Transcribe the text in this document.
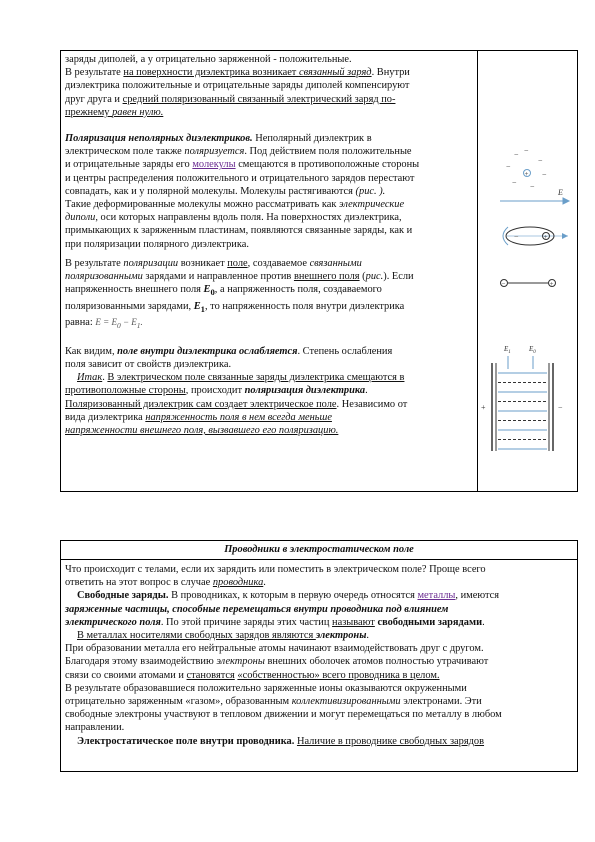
заряды диполей, а у отрицательно заряженной - положительные.

В результате на поверхности диэлектрика возникает связанный заряд. Внутри

диэлектрика положительные и отрицательные заряды диполей компенсируют

друг друга и средний поляризованный связанный электрический заряд по-

прежнему равен нулю.

Поляризация неполярных диэлектриков. Неполярный диэлектрик в

электрическом поле также поляризуется. Под действием поля положительные

и отрицательные заряды его молекулы смещаются в противоположные стороны

и центры распределения положительного и отрицательного зарядов перестают

совпадать, как и у полярной молекулы. Молекулы растягиваются (рис. ).

Такие деформированные молекулы можно рассматривать как электрические

диполи, оси которых направлены вдоль поля. На поверхностях диэлектрика,

примыкающих к заряженным пластинам, появляются связанные заряды, как и

при поляризации полярного диэлектрика.

В результате поляризации возникает поле, создаваемое связанными

поляризованными зарядами и направленное против внешнего поля (рис.). Если

напряженность внешнего поля $E_0$, а напряженность поля, создаваемого

поляризованными зарядами, $E_1$, то напряженность поля внутри диэлектрика

равна: $E = E_0 - E_1$.

Как видим, поле внутри диэлектрика ослабляется. Степень ослабления

поля зависит от свойств диэлектрика.

Итак. В электрическом поле связанные заряды диэлектрика смещаются в

противоположные стороны, происходит поляризация диэлектрика.

Поляризованный диэлектрик сам создает электрическое поле. Независимо от

вида диэлектрика напряженность поля в нем всегда меньше

напряженности внешнего поля, вызвавшего его поляризацию.

− −
−
−
+ −
− −
E
−	+
−	+
$E_1$	$E_0$
+	−
Проводники в электростатическом поле

Что происходит с телами, если их зарядить или поместить в электрическом поле? Проще всего

ответить на этот вопрос в случае проводника.

Свободные заряды. В проводниках, к которым в первую очередь относятся металлы, имеются

заряженные частицы, способные перемещаться внутри проводника под влиянием

электрического поля. По этой причине заряды этих частиц называют свободными зарядами.

В металлах носителями свободных зарядов являются электроны.

При образовании металла его нейтральные атомы начинают взаимодействовать друг с другом.

Благодаря этому взаимодействию электроны внешних оболочек атомов полностью утрачивают

связи со своими атомами и становятся «собственностью» всего проводника в целом.

В результате образовавшиеся положительно заряженные ионы оказываются окруженными

отрицательно заряженным «газом», образованным коллективизированными электронами. Эти

свободные электроны участвуют в тепловом движении и могут перемещаться по металлу в любом

направлении.

Электростатическое поле внутри проводника. Наличие в проводнике свободных зарядов
